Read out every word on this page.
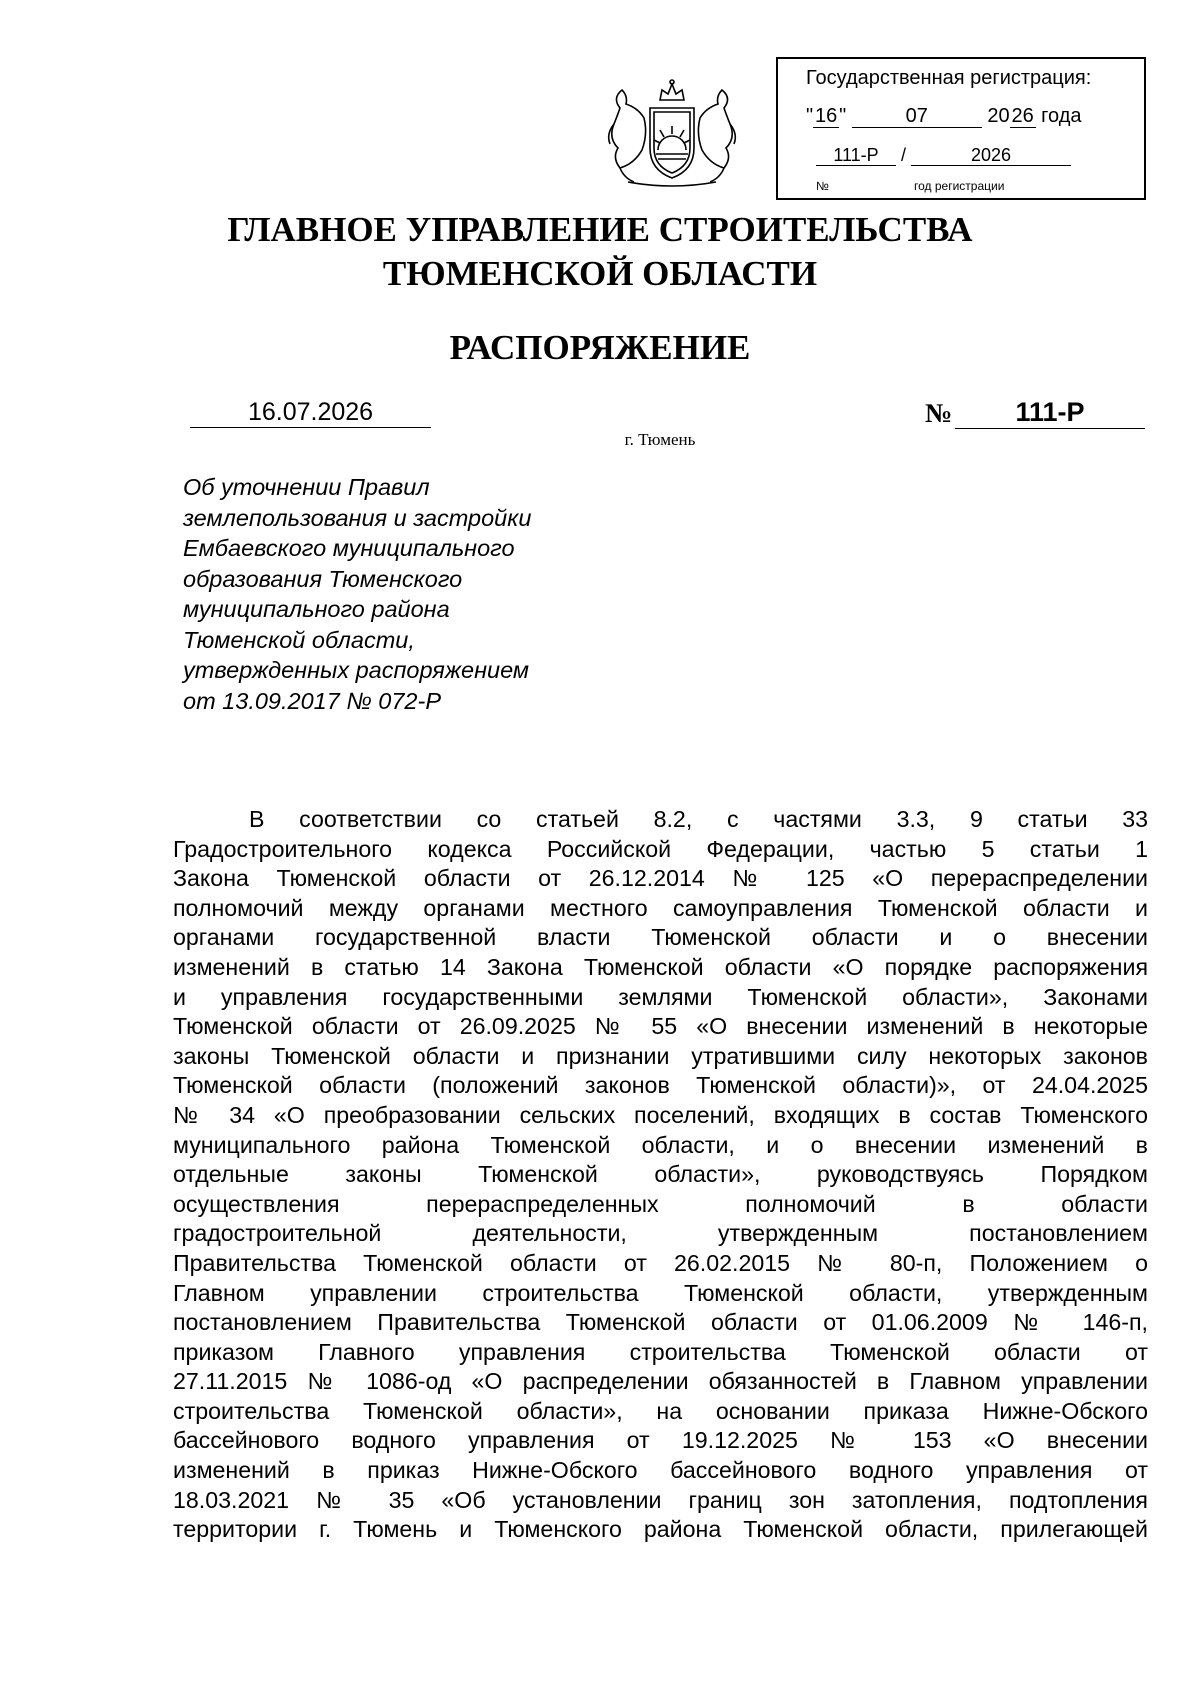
Государственная регистрация:
"16"	07	2026 года
111-Р /	2026
№	год регистрации
ГЛАВНОЕ УПРАВЛЕНИЕ СТРОИТЕЛЬСТВА
ТЮМЕНСКОЙ ОБЛАСТИ
РАСПОРЯЖЕНИЕ
16.07.2026	№	111-Р
г. Тюмень
Об уточнении Правил
землепользования и застройки
Ембаевского муниципального
образования Тюменского
муниципального района
Тюменской области,
утвержденных распоряжением
от 13.09.2017 № 072-Р
В соответствии со статьей 8.2, с частями 3.3, 9 статьи 33
Градостроительного кодекса Российской Федерации, частью 5 статьи 1
Закона Тюменской области от 26.12.2014 № 125 «О перераспределении
полномочий между органами местного самоуправления Тюменской области и
органами государственной власти Тюменской области и о внесении
изменений в статью 14 Закона Тюменской области «О порядке распоряжения
и управления государственными землями Тюменской области», Законами
Тюменской области от 26.09.2025 № 55 «О внесении изменений в некоторые
законы Тюменской области и признании утратившими силу некоторых законов
Тюменской области (положений законов Тюменской области)», от 24.04.2025
№ 34 «О преобразовании сельских поселений, входящих в состав Тюменского
муниципального района Тюменской области, и о внесении изменений в
отдельные законы Тюменской области», руководствуясь Порядком
осуществления перераспределенных полномочий в области
градостроительной деятельности, утвержденным постановлением
Правительства Тюменской области от 26.02.2015 № 80-п, Положением о
Главном управлении строительства Тюменской области, утвержденным
постановлением Правительства Тюменской области от 01.06.2009 № 146-п,
приказом Главного управления строительства Тюменской области от
27.11.2015 № 1086-од «О распределении обязанностей в Главном управлении
строительства Тюменской области», на основании приказа Нижне-Обского
бассейнового водного управления от 19.12.2025 № 153 «О внесении
изменений в приказ Нижне-Обского бассейнового водного управления от
18.03.2021 № 35 «Об установлении границ зон затопления, подтопления
территории г. Тюмень и Тюменского района Тюменской области, прилегающей
